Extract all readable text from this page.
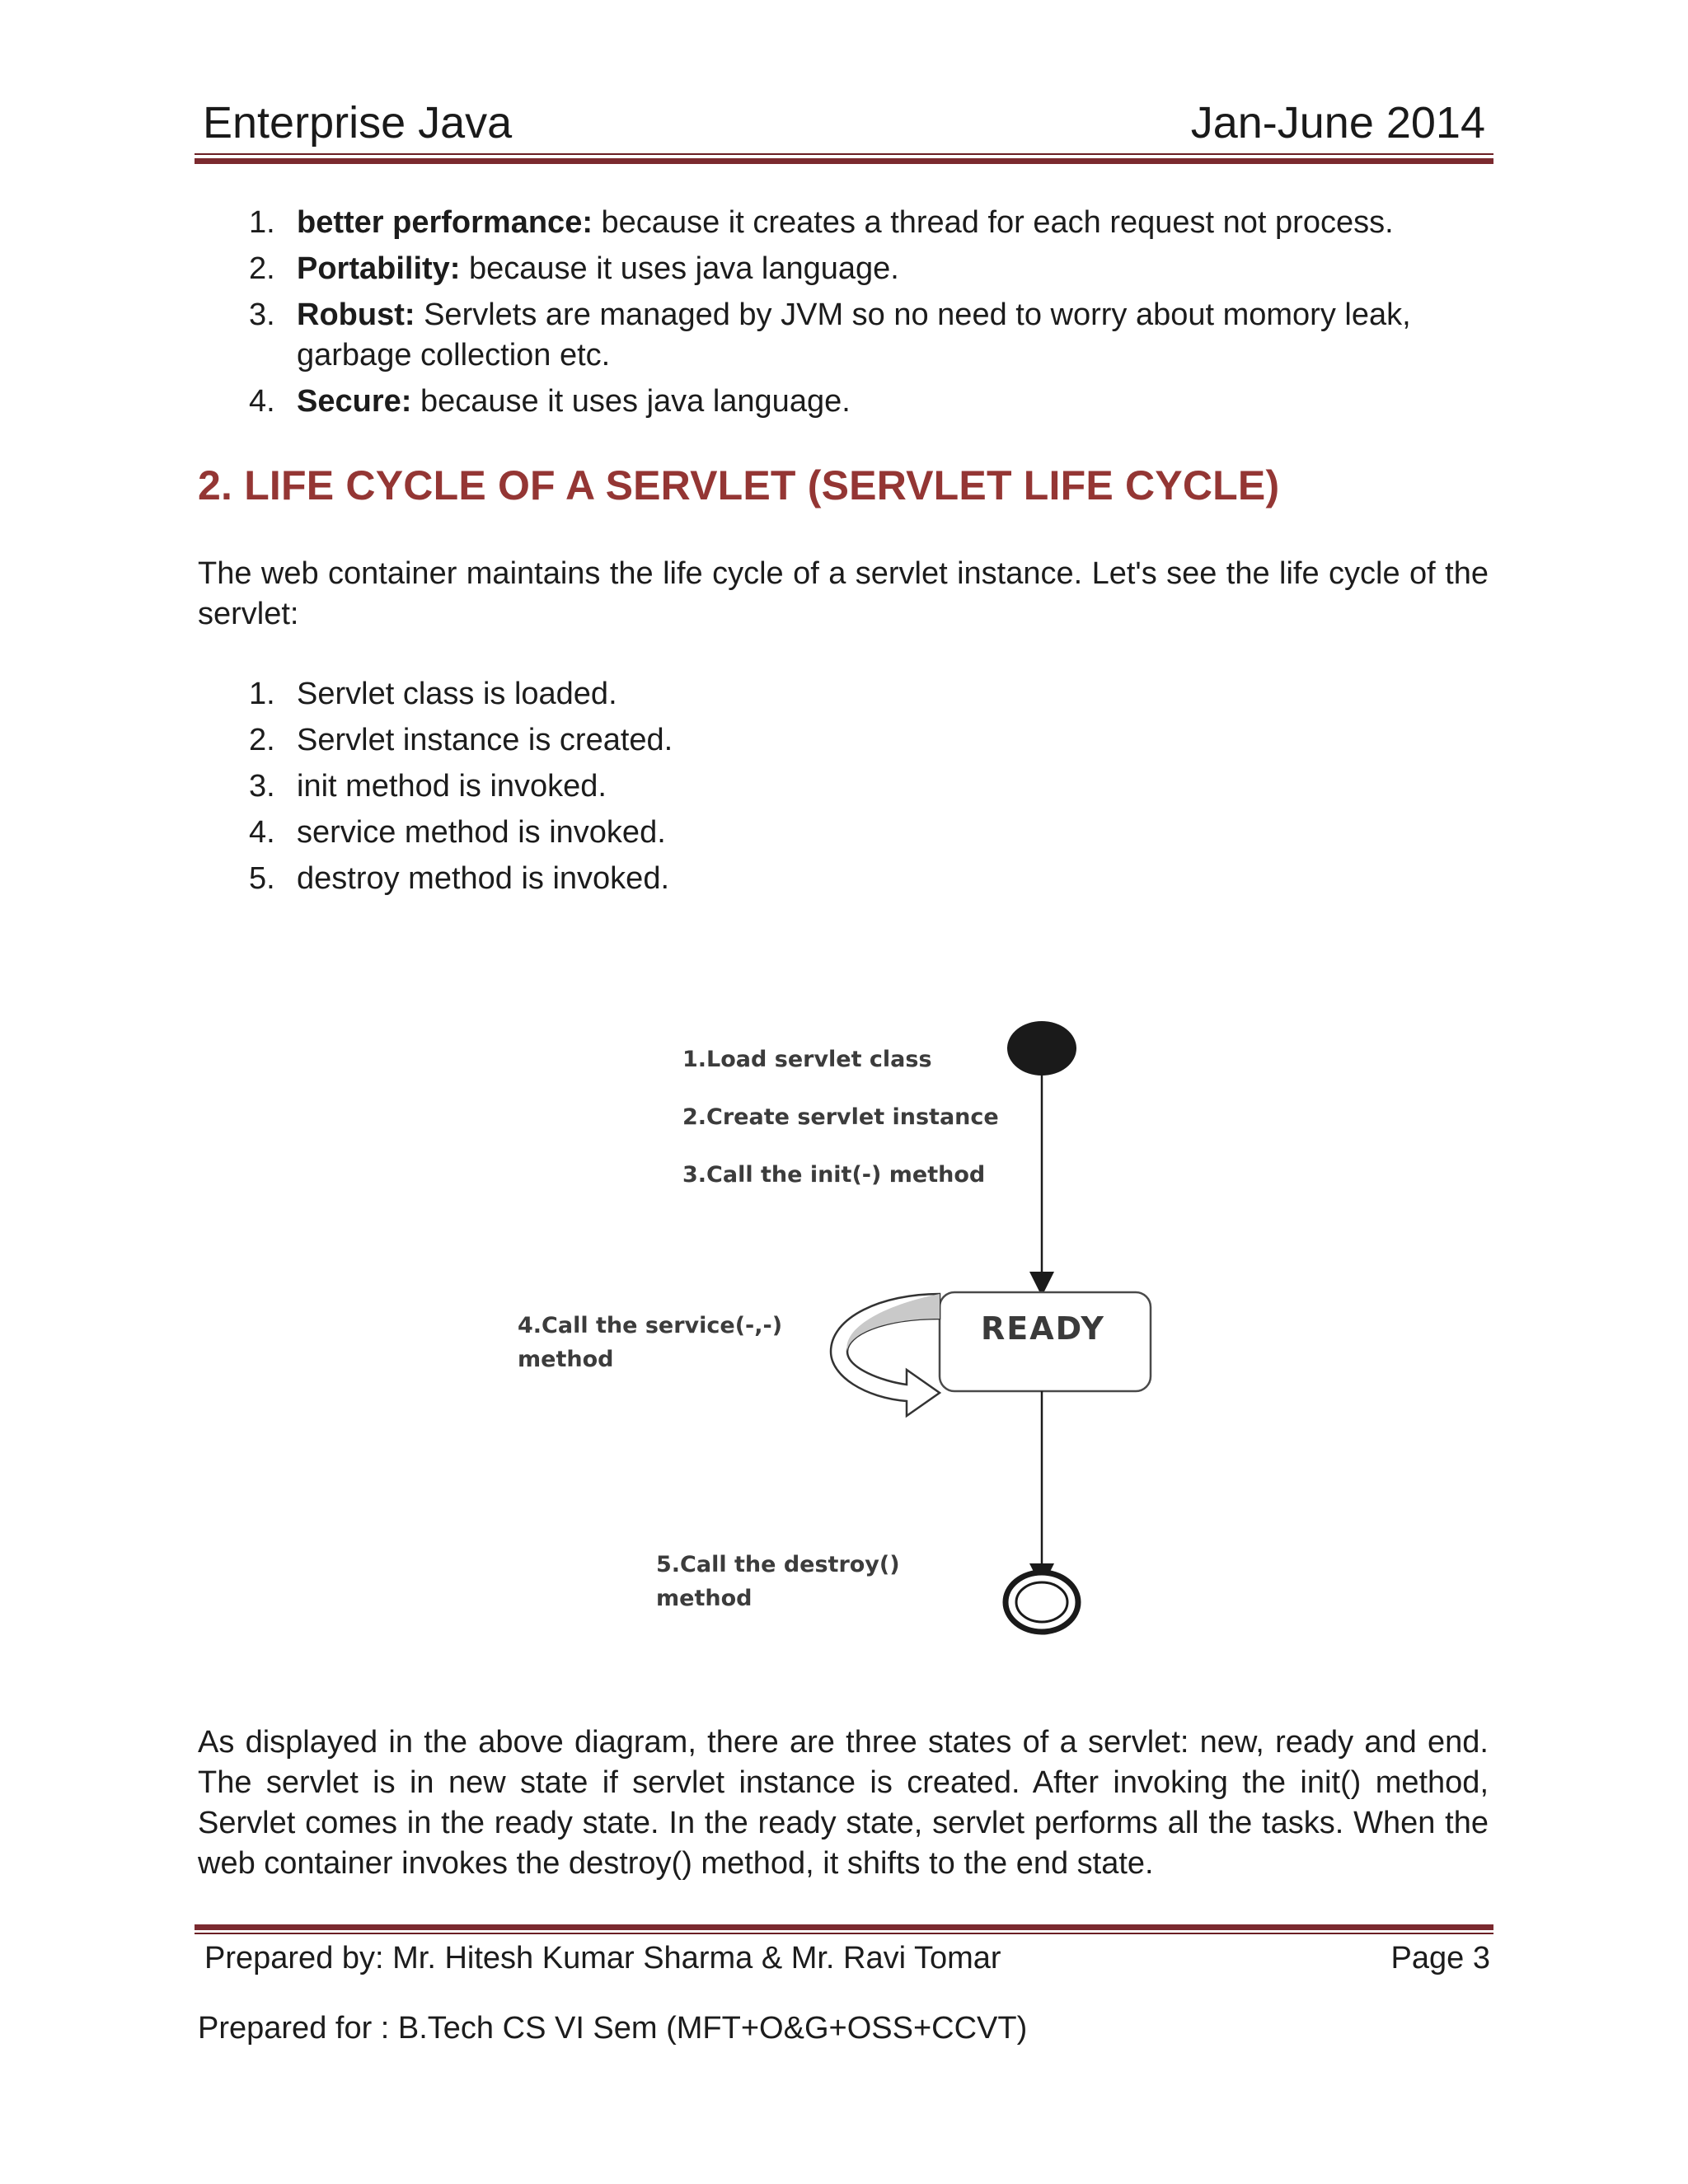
Enterprise Java	Jan-June 2014
1. better performance: because it creates a thread for each request not process.
2. Portability: because it uses java language.
3. Robust: Servlets are managed by JVM so no need to worry about momory leak, garbage collection etc.
4. Secure: because it uses java language.
2. LIFE CYCLE OF A SERVLET (SERVLET LIFE CYCLE)

The web container maintains the life cycle of a servlet instance. Let's see the life cycle of the servlet:

1. Servlet class is loaded.
2. Servlet instance is created.
3. init method is invoked.
4. service method is invoked.
5. destroy method is invoked.
1.Load servlet class
2.Create servlet instance
3.Call the init(-) method
READY
4.Call the service(-,-)
method
5.Call the destroy()
method

As displayed in the above diagram, there are three states of a servlet: new, ready and end. The servlet is in new state if servlet instance is created. After invoking the init() method, Servlet comes in the ready state. In the ready state, servlet performs all the tasks. When the web container invokes the destroy() method, it shifts to the end state.

Prepared by: Mr. Hitesh Kumar Sharma & Mr. Ravi Tomar	Page 3
Prepared for : B.Tech CS VI Sem (MFT+O&G+OSS+CCVT)
